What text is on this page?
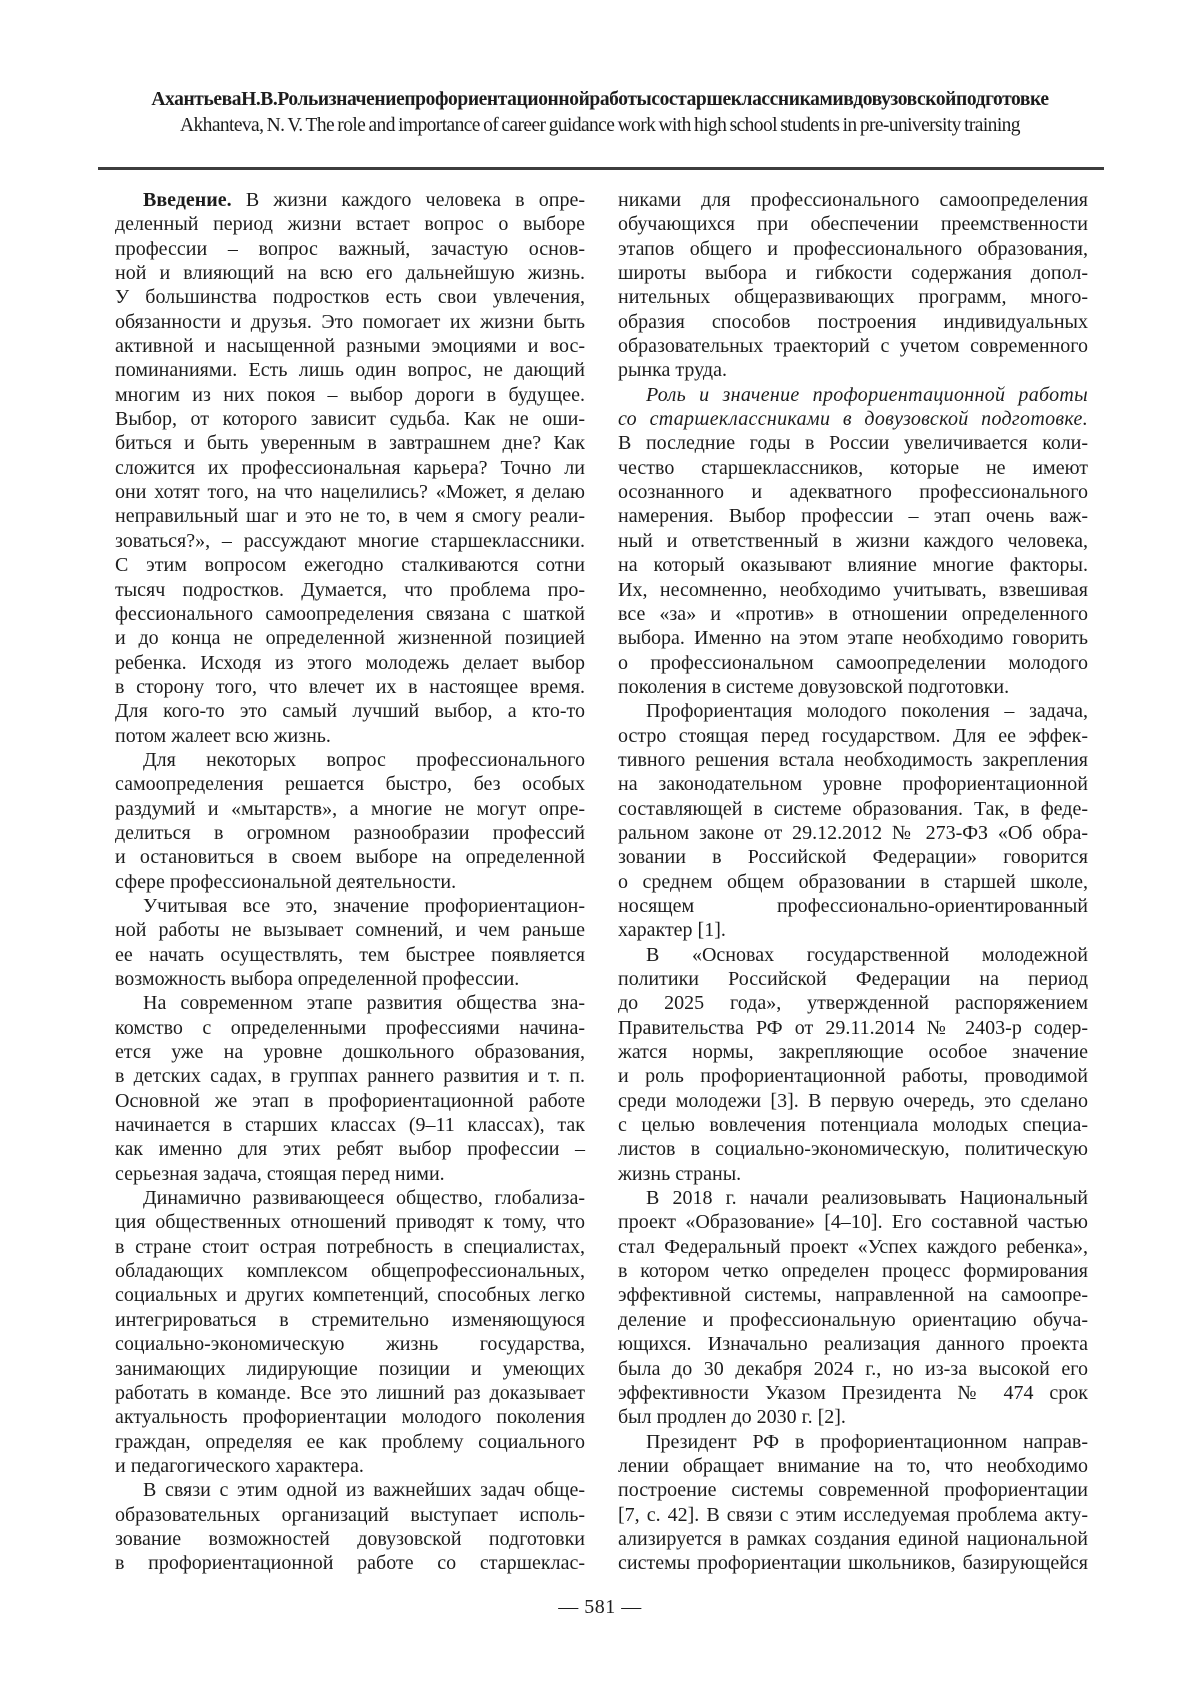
Ахантьева Н. В. Роль и значение профориентационной работы со старшеклассниками в довузовской подготовке
Akhanteva, N. V. The role and importance of career guidance work with high school students in pre-university training
Введение. В жизни каждого человека в опре-
деленный период жизни встает вопрос о выборе
профессии – вопрос важный, зачастую основ-
ной и влияющий на всю его дальнейшую жизнь.
У большинства подростков есть свои увлечения,
обязанности и друзья. Это помогает их жизни быть
активной и насыщенной разными эмоциями и вос-
поминаниями. Есть лишь один вопрос, не дающий
многим из них покоя – выбор дороги в будущее.
Выбор, от которого зависит судьба. Как не оши-
биться и быть уверенным в завтрашнем дне? Как
сложится их профессиональная карьера? Точно ли
они хотят того, на что нацелились? «Может, я делаю
неправильный шаг и это не то, в чем я смогу реали-
зоваться?», – рассуждают многие старшеклассники.
С этим вопросом ежегодно сталкиваются сотни
тысяч подростков. Думается, что проблема про-
фессионального самоопределения связана с шаткой
и до конца не определенной жизненной позицией
ребенка. Исходя из этого молодежь делает выбор
в сторону того, что влечет их в настоящее время.
Для кого-то это самый лучший выбор, а кто-то
потом жалеет всю жизнь.
Для некоторых вопрос профессионального
самоопределения решается быстро, без особых
раздумий и «мытарств», а многие не могут опре-
делиться в огромном разнообразии профессий
и остановиться в своем выборе на определенной
сфере профессиональной деятельности.
Учитывая все это, значение профориентацион-
ной работы не вызывает сомнений, и чем раньше
ее начать осуществлять, тем быстрее появляется
возможность выбора определенной профессии.
На современном этапе развития общества зна-
комство с определенными профессиями начина-
ется уже на уровне дошкольного образования,
в детских садах, в группах раннего развития и т. п.
Основной же этап в профориентационной работе
начинается в старших классах (9–11 классах), так
как именно для этих ребят выбор профессии –
серьезная задача, стоящая перед ними.
Динамично развивающееся общество, глобализа-
ция общественных отношений приводят к тому, что
в стране стоит острая потребность в специалистах,
обладающих комплексом общепрофессиональных,
социальных и других компетенций, способных легко
интегрироваться в стремительно изменяющуюся
социально-экономическую жизнь государства,
занимающих лидирующие позиции и умеющих
работать в команде. Все это лишний раз доказывает
актуальность профориентации молодого поколения
граждан, определяя ее как проблему социального
и педагогического характера.
В связи с этим одной из важнейших задач обще-
образовательных организаций выступает исполь-
зование возможностей довузовской подготовки
в профориентационной работе со старшеклас-
никами для профессионального самоопределения
обучающихся при обеспечении преемственности
этапов общего и профессионального образования,
широты выбора и гибкости содержания допол-
нительных общеразвивающих программ, много-
образия способов построения индивидуальных
образовательных траекторий с учетом современного
рынка труда.
Роль и значение профориентационной работы
со старшеклассниками в довузовской подготовке.
В последние годы в России увеличивается коли-
чество старшеклассников, которые не имеют
осознанного и адекватного профессионального
намерения. Выбор профессии – этап очень важ-
ный и ответственный в жизни каждого человека,
на который оказывают влияние многие факторы.
Их, несомненно, необходимо учитывать, взвешивая
все «за» и «против» в отношении определенного
выбора. Именно на этом этапе необходимо говорить
о профессиональном самоопределении молодого
поколения в системе довузовской подготовки.
Профориентация молодого поколения – задача,
остро стоящая перед государством. Для ее эффек-
тивного решения встала необходимость закрепления
на законодательном уровне профориентационной
составляющей в системе образования. Так, в феде-
ральном законе от 29.12.2012 № 273-ФЗ «Об обра-
зовании в Российской Федерации» говорится
о среднем общем образовании в старшей школе,
носящем профессионально-ориентированный
характер [1].
В «Основах государственной молодежной
политики Российской Федерации на период
до 2025 года», утвержденной распоряжением
Правительства РФ от 29.11.2014 № 2403-р содер-
жатся нормы, закрепляющие особое значение
и роль профориентационной работы, проводимой
среди молодежи [3]. В первую очередь, это сделано
с целью вовлечения потенциала молодых специа-
листов в социально-экономическую, политическую
жизнь страны.
В 2018 г. начали реализовывать Национальный
проект «Образование» [4–10]. Его составной частью
стал Федеральный проект «Успех каждого ребенка»,
в котором четко определен процесс формирования
эффективной системы, направленной на самоопре-
деление и профессиональную ориентацию обуча-
ющихся. Изначально реализация данного проекта
была до 30 декабря 2024 г., но из-за высокой его
эффективности Указом Президента № 474 срок
был продлен до 2030 г. [2].
Президент РФ в профориентационном направ-
лении обращает внимание на то, что необходимо
построение системы современной профориентации
[7, с. 42]. В связи с этим исследуемая проблема акту-
ализируется в рамках создания единой национальной
системы профориентации школьников, базирующейся
— 581 —
